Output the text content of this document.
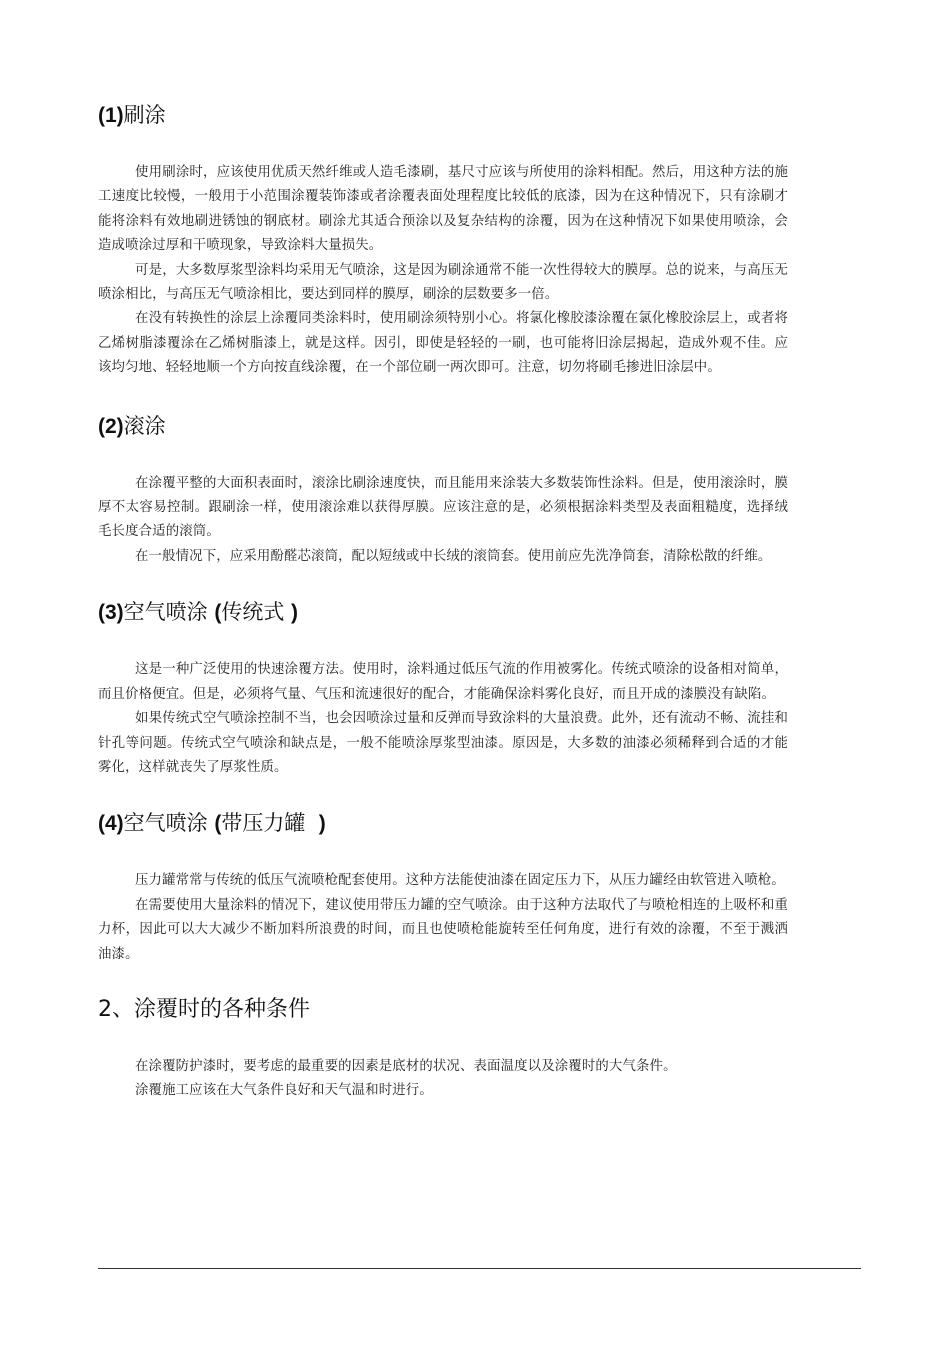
(1)刷涂

使用刷涂时，应该使用优质天然纤维或人造毛漆刷，基尺寸应该与所使用的涂料相配。然后，用这种方法的施工速度比较慢，一般用于小范围涂覆装饰漆或者涂覆表面处理程度比较低的底漆，因为在这种情况下，只有涂刷才能将涂料有效地刷进锈蚀的钢底材。刷涂尤其适合预涂以及复杂结构的涂覆，因为在这种情况下如果使用喷涂，会造成喷涂过厚和干喷现象，导致涂料大量损失。

可是，大多数厚浆型涂料均采用无气喷涂，这是因为刷涂通常不能一次性得较大的膜厚。总的说来，与高压无喷涂相比，与高压无气喷涂相比，要达到同样的膜厚，刷涂的层数要多一倍。

在没有转换性的涂层上涂覆同类涂料时，使用刷涂须特别小心。将氯化橡胶漆涂覆在氯化橡胶涂层上，或者将乙烯树脂漆覆涂在乙烯树脂漆上，就是这样。因引，即使是轻轻的一刷，也可能将旧涂层揭起，造成外观不佳。应该均匀地、轻轻地顺一个方向按直线涂覆，在一个部位刷一两次即可。注意，切勿将刷毛掺进旧涂层中。

(2)滚涂

在涂覆平整的大面积表面时，滚涂比刷涂速度快，而且能用来涂装大多数装饰性涂料。但是，使用滚涂时，膜厚不太容易控制。跟刷涂一样，使用滚涂难以获得厚膜。应该注意的是，必须根据涂料类型及表面粗糙度，选择绒毛长度合适的滚筒。

在一般情况下，应采用酚醛芯滚筒，配以短绒或中长绒的滚筒套。使用前应先洗净筒套，清除松散的纤维。

(3)空气喷涂 (传统式 )

这是一种广泛使用的快速涂覆方法。使用时，涂料通过低压气流的作用被雾化。传统式喷涂的设备相对简单，而且价格便宜。但是，必须将气量、气压和流速很好的配合，才能确保涂料雾化良好，而且开成的漆膜没有缺陷。

如果传统式空气喷涂控制不当，也会因喷涂过量和反弹而导致涂料的大量浪费。此外，还有流动不畅、流挂和针孔等问题。传统式空气喷涂和缺点是，一般不能喷涂厚浆型油漆。原因是，大多数的油漆必须稀释到合适的才能雾化，这样就丧失了厚浆性质。

(4)空气喷涂 (带压力罐 )

压力罐常常与传统的低压气流喷枪配套使用。这种方法能使油漆在固定压力下，从压力罐经由软管进入喷枪。

在需要使用大量涂料的情况下，建议使用带压力罐的空气喷涂。由于这种方法取代了与喷枪相连的上吸杯和重力杯，因此可以大大减少不断加料所浪费的时间，而且也使喷枪能旋转至任何角度，进行有效的涂覆，不至于溅洒油漆。

2、涂覆时的各种条件

在涂覆防护漆时，要考虑的最重要的因素是底材的状况、表面温度以及涂覆时的大气条件。

涂覆施工应该在大气条件良好和天气温和时进行。
